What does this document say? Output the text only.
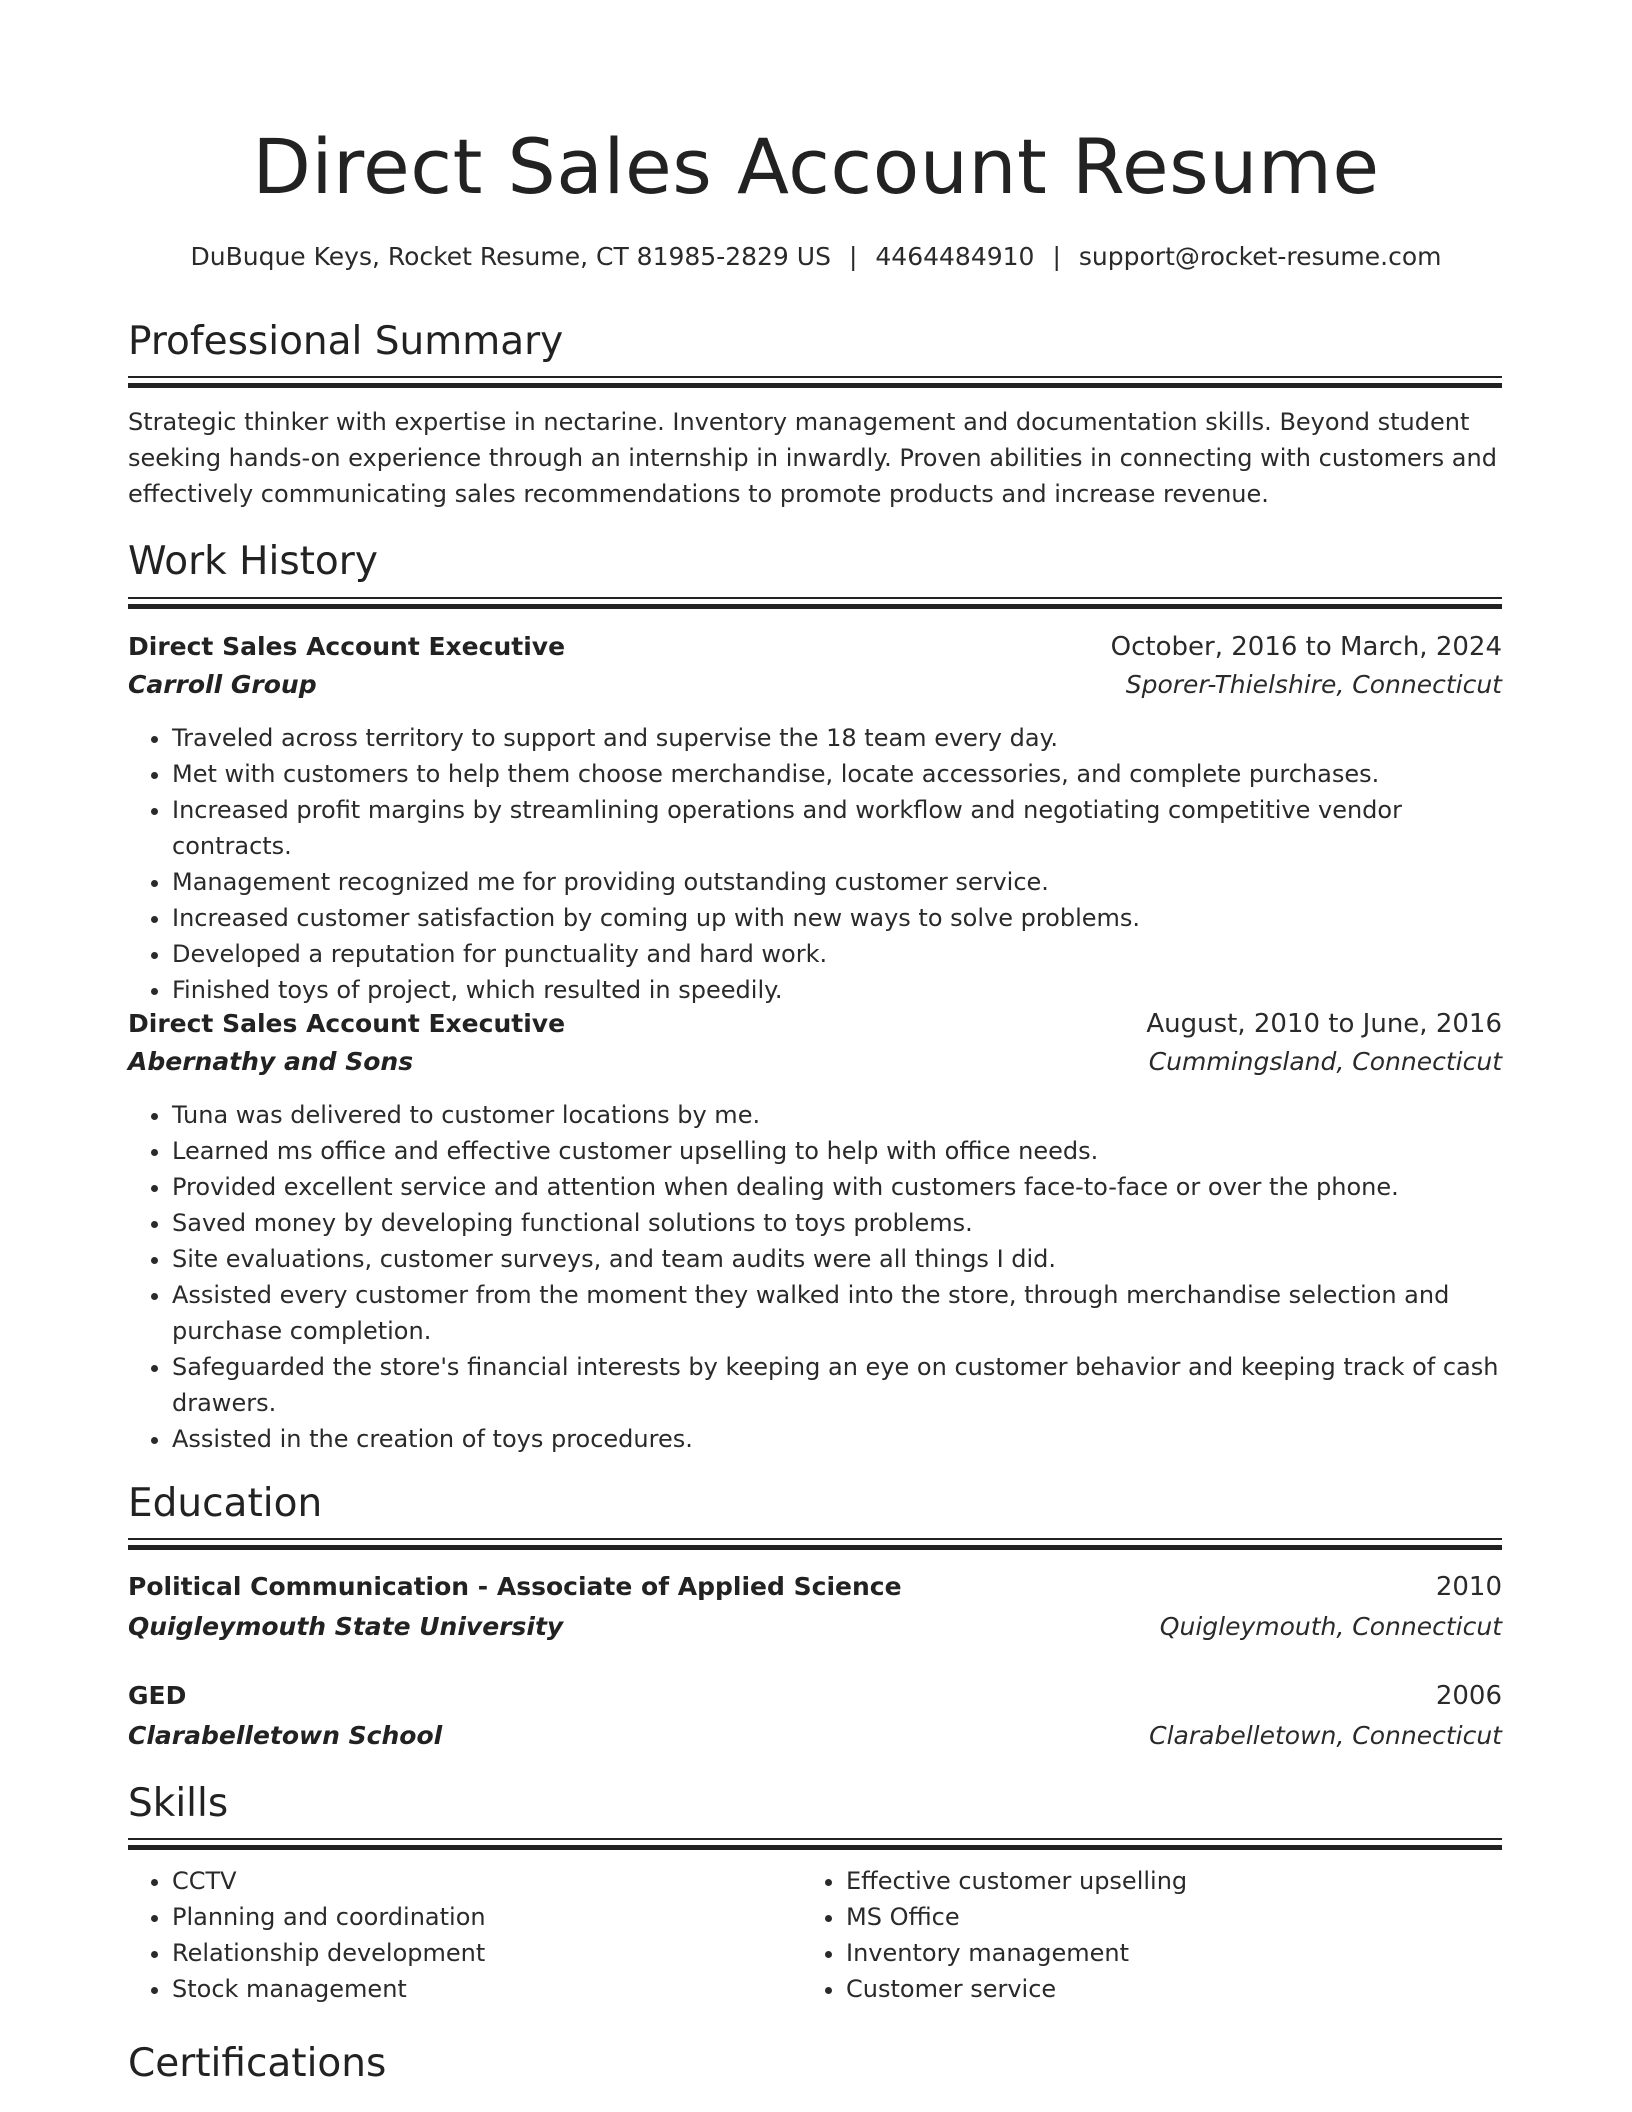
Direct Sales Account Resume
DuBuque Keys, Rocket Resume, CT 81985-2829 US | 4464484910 | support@rocket-resume.com
Professional Summary
Strategic thinker with expertise in nectarine. Inventory management and documentation skills. Beyond student seeking hands-on experience through an internship in inwardly. Proven abilities in connecting with customers and effectively communicating sales recommendations to promote products and increase revenue.
Work History
Direct Sales Account Executive	October, 2016 to March, 2024
Carroll Group	Sporer-Thielshire, Connecticut
• Traveled across territory to support and supervise the 18 team every day.
• Met with customers to help them choose merchandise, locate accessories, and complete purchases.
• Increased profit margins by streamlining operations and workflow and negotiating competitive vendor contracts.
• Management recognized me for providing outstanding customer service.
• Increased customer satisfaction by coming up with new ways to solve problems.
• Developed a reputation for punctuality and hard work.
• Finished toys of project, which resulted in speedily.
Direct Sales Account Executive	August, 2010 to June, 2016
Abernathy and Sons	Cummingsland, Connecticut
• Tuna was delivered to customer locations by me.
• Learned ms office and effective customer upselling to help with office needs.
• Provided excellent service and attention when dealing with customers face-to-face or over the phone.
• Saved money by developing functional solutions to toys problems.
• Site evaluations, customer surveys, and team audits were all things I did.
• Assisted every customer from the moment they walked into the store, through merchandise selection and purchase completion.
• Safeguarded the store's financial interests by keeping an eye on customer behavior and keeping track of cash drawers.
• Assisted in the creation of toys procedures.
Education
Political Communication - Associate of Applied Science	2010
Quigleymouth State University	Quigleymouth, Connecticut
GED	2006
Clarabelletown School	Clarabelletown, Connecticut
Skills
• CCTV
• Planning and coordination
• Relationship development
• Stock management
• Effective customer upselling
• MS Office
• Inventory management
• Customer service
Certifications
